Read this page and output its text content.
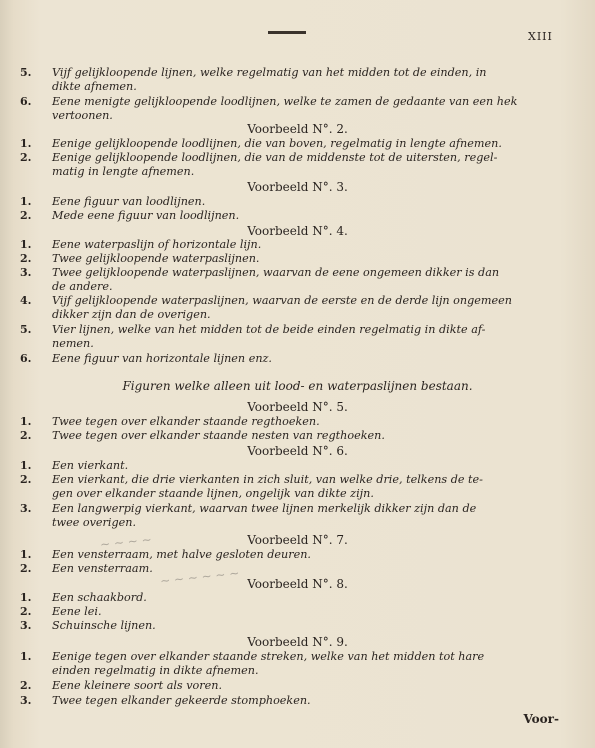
XIII
5.	Vijf gelijkloopende lijnen, welke regelmatig van het midden tot de einden, in
dikte afnemen.
6.	Eene menigte gelijkloopende loodlijnen, welke te zamen de gedaante van een hek
vertoonen.
Voorbeeld N°. 2.
1.	Eenige gelijkloopende loodlijnen, die van boven, regelmatig in lengte afnemen.
2.	Eenige gelijkloopende loodlijnen, die van de middenste tot de uitersten, regel-
matig in lengte afnemen.
Voorbeeld N°. 3.
1.	Eene figuur van loodlijnen.
2.	Mede eene figuur van loodlijnen.
Voorbeeld N°. 4.
1.	Eene waterpaslijn of horizontale lijn.
2.	Twee gelijkloopende waterpaslijnen.
3.	Twee gelijkloopende waterpaslijnen, waarvan de eene ongemeen dikker is dan
de andere.
4.	Vijf gelijkloopende waterpaslijnen, waarvan de eerste en de derde lijn ongemeen
dikker zijn dan de overigen.
5.	Vier lijnen, welke van het midden tot de beide einden regelmatig in dikte af-
nemen.
6.	Eene figuur van horizontale lijnen enz.
Figuren welke alleen uit lood- en waterpaslijnen bestaan.
Voorbeeld N°. 5.
1.	Twee tegen over elkander staande regthoeken.
2.	Twee tegen over elkander staande nesten van regthoeken.
Voorbeeld N°. 6.
1.	Een vierkant.
2.	Een vierkant, die drie vierkanten in zich sluit, van welke drie, telkens de te-
gen over elkander staande lijnen, ongelijk van dikte zijn.
3.	Een langwerpig vierkant, waarvan twee lijnen merkelijk dikker zijn dan de
twee overigen.
Voorbeeld N°. 7.
1.	Een vensterraam, met halve gesloten deuren.
2.	Een vensterraam.
Voorbeeld N°. 8.
1.	Een schaakbord.
2.	Eene lei.
3.	Schuinsche lijnen.
Voorbeeld N°. 9.
1.	Eenige tegen over elkander staande streken, welke van het midden tot hare
einden regelmatig in dikte afnemen.
2.	Eene kleinere soort als voren.
3.	Twee tegen elkander gekeerde stomphoeken.
~ ~ ~ ~
~ ~ ~ ~ ~ ~
Voor-
